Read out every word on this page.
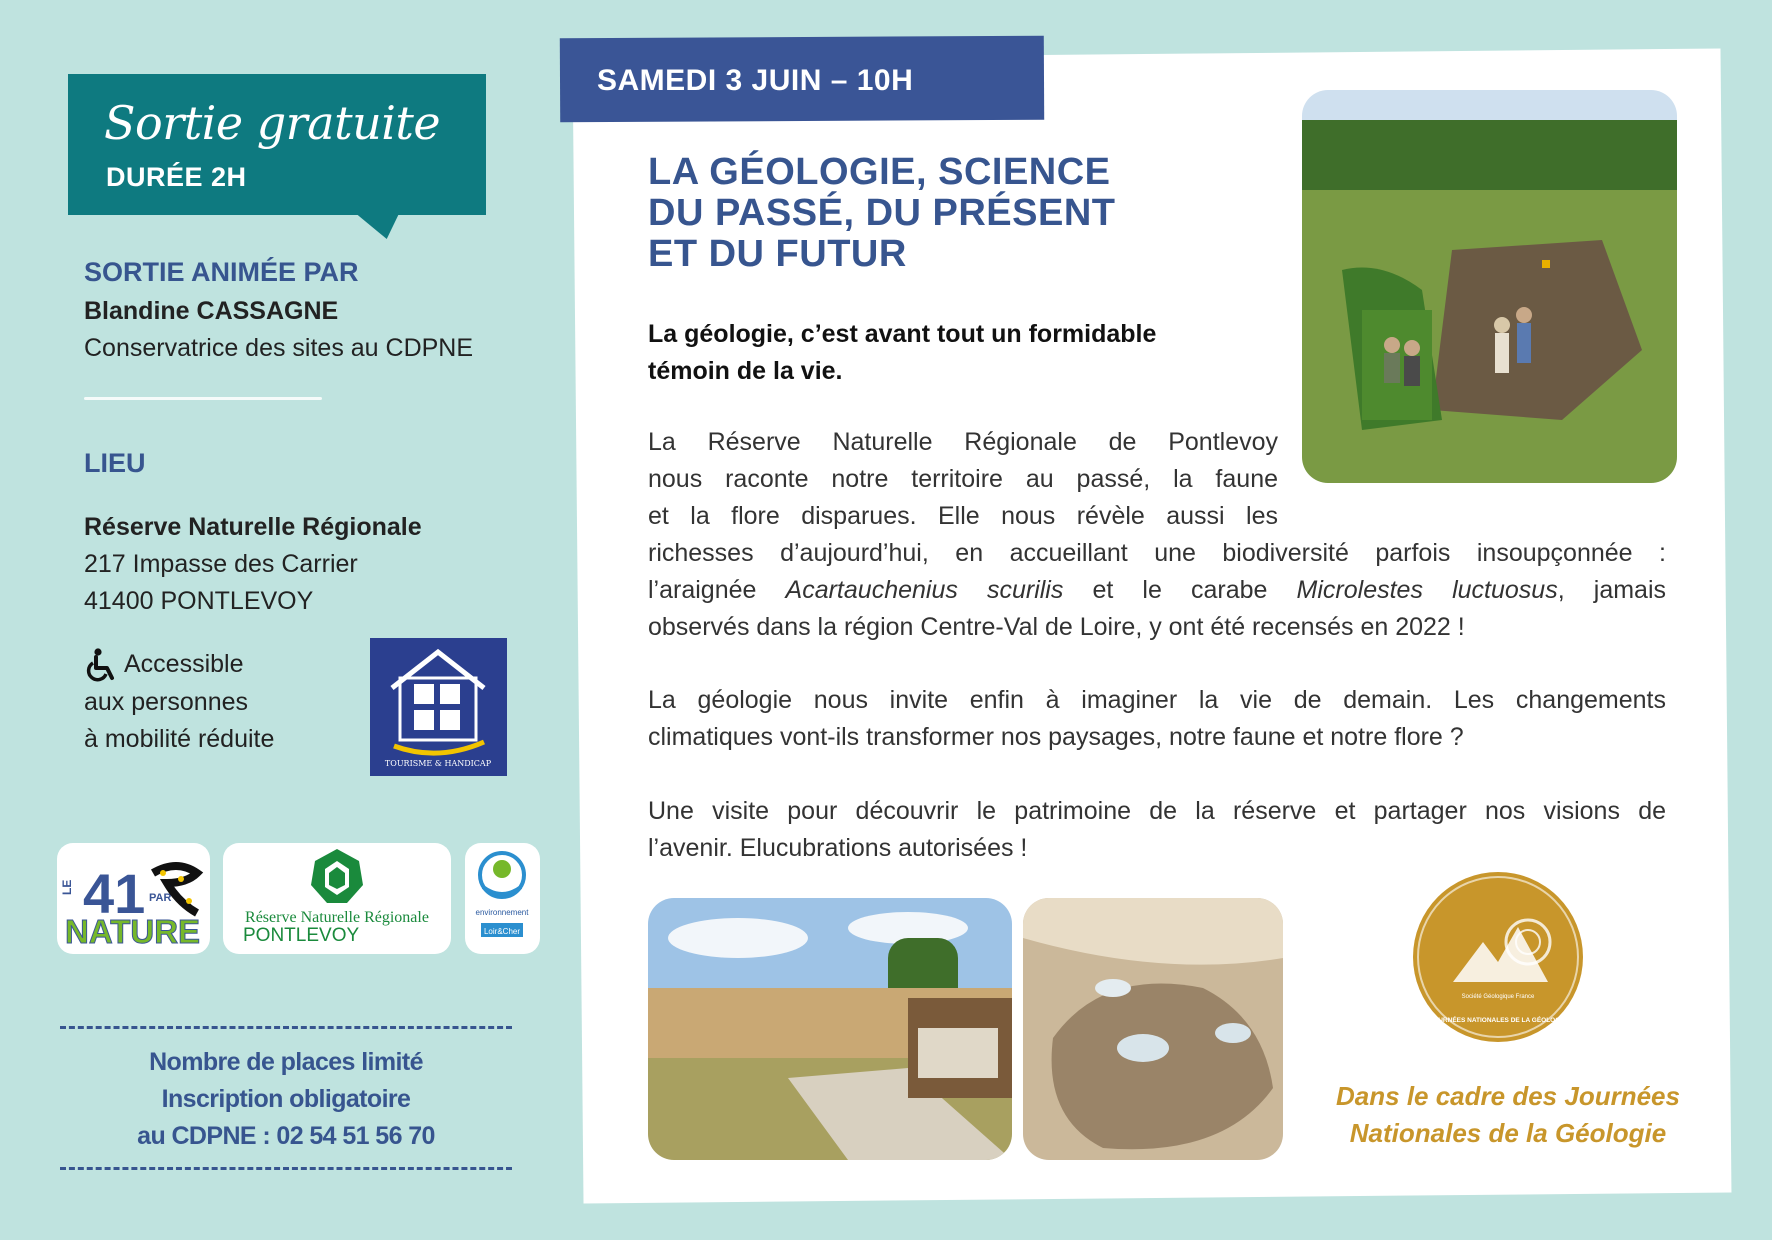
Sortie gratuite
DURÉE 2H
SORTIE ANIMÉE PAR
Blandine CASSAGNE
Conservatrice des sites au CDPNE
LIEU
Réserve Naturelle Régionale
217 Impasse des Carrier
41400 PONTLEVOY
Accessible
aux personnes
à mobilité réduite
TOURISME & HANDICAP
41
LE
PAR
NATURE	Réserve Naturelle Régionale
PONTLEVOY
environnement
Loir&Cher
Nombre de places limité
Inscription obligatoire
au CDPNE : 02 54 51 56 70
SAMEDI 3 JUIN – 10H
LA GÉOLOGIE, SCIENCE
DU PASSÉ, DU PRÉSENT
ET DU FUTUR
La géologie, c’est avant tout un formidable
témoin de la vie.
La Réserve Naturelle Régionale de Pontlevoy
nous raconte notre territoire au passé, la faune
et la flore disparues. Elle nous révèle aussi les
richesses d’aujourd’hui, en accueillant une biodiversité parfois insoupçonnée :
l’araignée Acartauchenius scurilis et le carabe Microlestes luctuosus, jamais
observés dans la région Centre-Val de Loire, y ont été recensés en 2022 !
La géologie nous invite enfin à imaginer la vie de demain. Les changements
climatiques vont-ils transformer nos paysages, notre faune et notre flore ?
Une visite pour découvrir le patrimoine de la réserve et partager nos visions de
l’avenir. Elucubrations autorisées !
JOURNÉES NATIONALES DE LA GÉOLOGIE
Société Géologique France
Dans le cadre des Journées
Nationales de la Géologie
